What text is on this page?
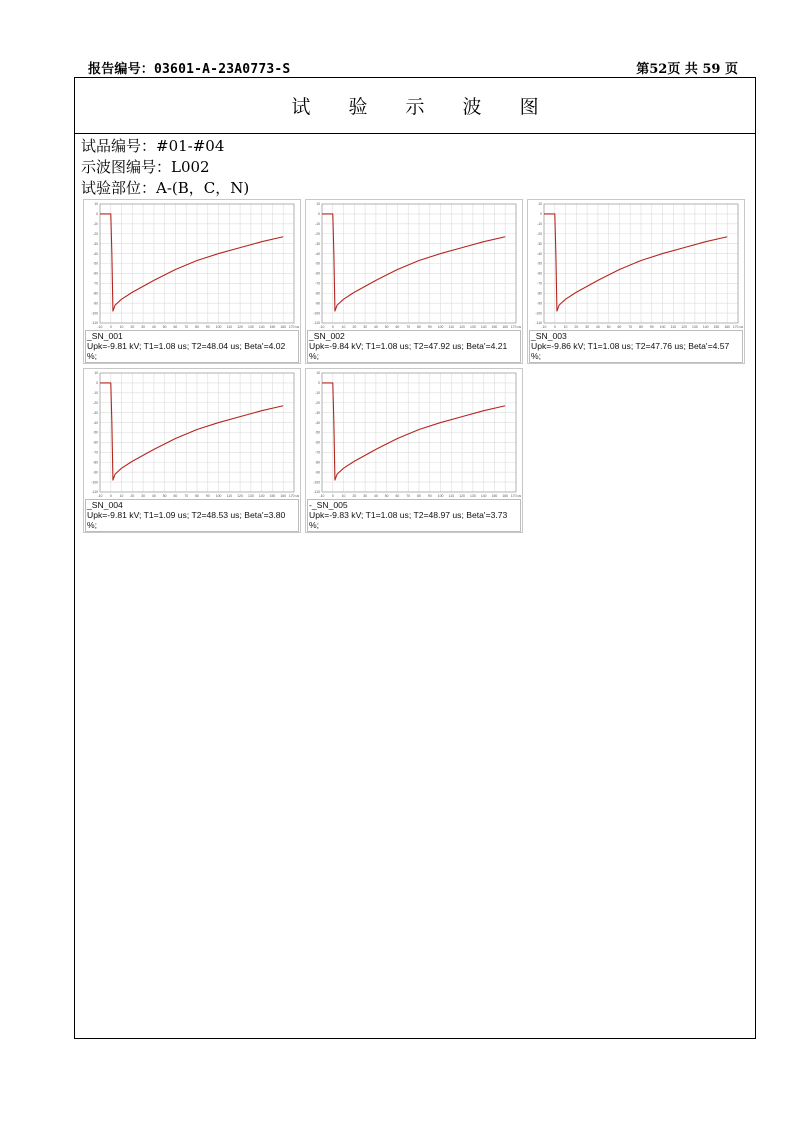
报告编号：03601-A-23A0773-S	第52页 共 59 页
试 验 示 波 图
试品编号：#01-#04
示波图编号：L002
试验部位：A-(B，C，N)
-10 0 10 20 30 40 50 60 70 80 90 100 110 120 130 140 150 160 170 us
10
0
-10
-20
-30
-40
-50
-60
-70
-80
-90
-100
-110
_SN_001
Upk=-9.81 kV; T1=1.08 us; T2=48.04 us; Beta'=4.02
%;
-10 0 10 20 30 40 50 60 70 80 90 100 110 120 130 140 150 160 170 us
10
0
-10
-20
-30
-40
-50
-60
-70
-80
-90
-100
-110
_SN_002
Upk=-9.84 kV; T1=1.08 us; T2=47.92 us; Beta'=4.21
%;
-10 0 10 20 30 40 50 60 70 80 90 100 110 120 130 140 150 160 170 us
10
0
-10
-20
-30
-40
-50
-60
-70
-80
-90
-100
-110
_SN_003
Upk=-9.86 kV; T1=1.08 us; T2=47.76 us; Beta'=4.57
%;
-10 0 10 20 30 40 50 60 70 80 90 100 110 120 130 140 150 160 170 us
10
0
-10
-20
-30
-40
-50
-60
-70
-80
-90
-100
-110
_SN_004
Upk=-9.81 kV; T1=1.09 us; T2=48.53 us; Beta'=3.80
%;
-10 0 10 20 30 40 50 60 70 80 90 100 110 120 130 140 150 160 170 us
10
0
-10
-20
-30
-40
-50
-60
-70
-80
-90
-100
-110
-_SN_005
Upk=-9.83 kV; T1=1.08 us; T2=48.97 us; Beta'=3.73
%;
